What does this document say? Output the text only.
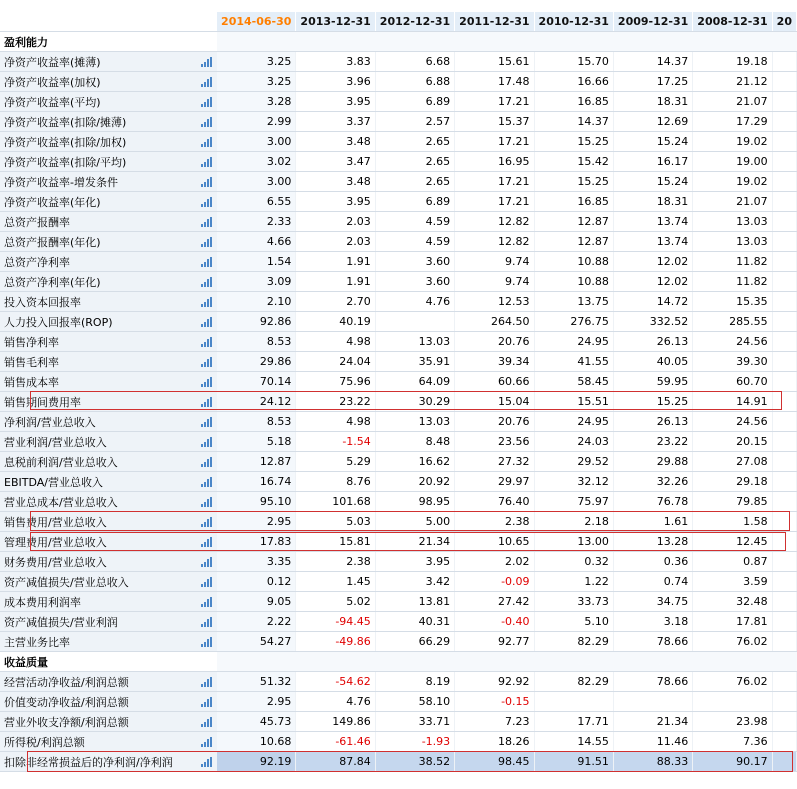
		2014-06-30	2013-12-31	2012-12-31	2011-12-31	2010-12-31	2009-12-31	2008-12-31	20
盈利能力									
净资产收益率(摊薄)		3.25	3.83	6.68	15.61	15.70	14.37	19.18	
净资产收益率(加权)		3.25	3.96	6.88	17.48	16.66	17.25	21.12	
净资产收益率(平均)		3.28	3.95	6.89	17.21	16.85	18.31	21.07	
净资产收益率(扣除/摊薄)		2.99	3.37	2.57	15.37	14.37	12.69	17.29	
净资产收益率(扣除/加权)		3.00	3.48	2.65	17.21	15.25	15.24	19.02	
净资产收益率(扣除/平均)		3.02	3.47	2.65	16.95	15.42	16.17	19.00	
净资产收益率-增发条件		3.00	3.48	2.65	17.21	15.25	15.24	19.02	
净资产收益率(年化)		6.55	3.95	6.89	17.21	16.85	18.31	21.07	
总资产报酬率		2.33	2.03	4.59	12.82	12.87	13.74	13.03	
总资产报酬率(年化)		4.66	2.03	4.59	12.82	12.87	13.74	13.03	
总资产净利率		1.54	1.91	3.60	9.74	10.88	12.02	11.82	
总资产净利率(年化)		3.09	1.91	3.60	9.74	10.88	12.02	11.82	
投入资本回报率		2.10	2.70	4.76	12.53	13.75	14.72	15.35	
人力投入回报率(ROP)		92.86	40.19		264.50	276.75	332.52	285.55	
销售净利率		8.53	4.98	13.03	20.76	24.95	26.13	24.56	
销售毛利率		29.86	24.04	35.91	39.34	41.55	40.05	39.30	
销售成本率		70.14	75.96	64.09	60.66	58.45	59.95	60.70	
销售期间费用率		24.12	23.22	30.29	15.04	15.51	15.25	14.91	
净利润/营业总收入		8.53	4.98	13.03	20.76	24.95	26.13	24.56	
营业利润/营业总收入		5.18	-1.54	8.48	23.56	24.03	23.22	20.15	
息税前利润/营业总收入		12.87	5.29	16.62	27.32	29.52	29.88	27.08	
EBITDA/营业总收入		16.74	8.76	20.92	29.97	32.12	32.26	29.18	
营业总成本/营业总收入		95.10	101.68	98.95	76.40	75.97	76.78	79.85	
销售费用/营业总收入		2.95	5.03	5.00	2.38	2.18	1.61	1.58	
管理费用/营业总收入		17.83	15.81	21.34	10.65	13.00	13.28	12.45	
财务费用/营业总收入		3.35	2.38	3.95	2.02	0.32	0.36	0.87	
资产减值损失/营业总收入		0.12	1.45	3.42	-0.09	1.22	0.74	3.59	
成本费用利润率		9.05	5.02	13.81	27.42	33.73	34.75	32.48	
资产减值损失/营业利润		2.22	-94.45	40.31	-0.40	5.10	3.18	17.81	
主营业务比率		54.27	-49.86	66.29	92.77	82.29	78.66	76.02	
收益质量									
经营活动净收益/利润总额		51.32	-54.62	8.19	92.92	82.29	78.66	76.02	
价值变动净收益/利润总额		2.95	4.76	58.10	-0.15				
营业外收支净额/利润总额		45.73	149.86	33.71	7.23	17.71	21.34	23.98	
所得税/利润总额		10.68	-61.46	-1.93	18.26	14.55	11.46	7.36	
扣除非经常损益后的净利润/净利润		92.19	87.84	38.52	98.45	91.51	88.33	90.17	
